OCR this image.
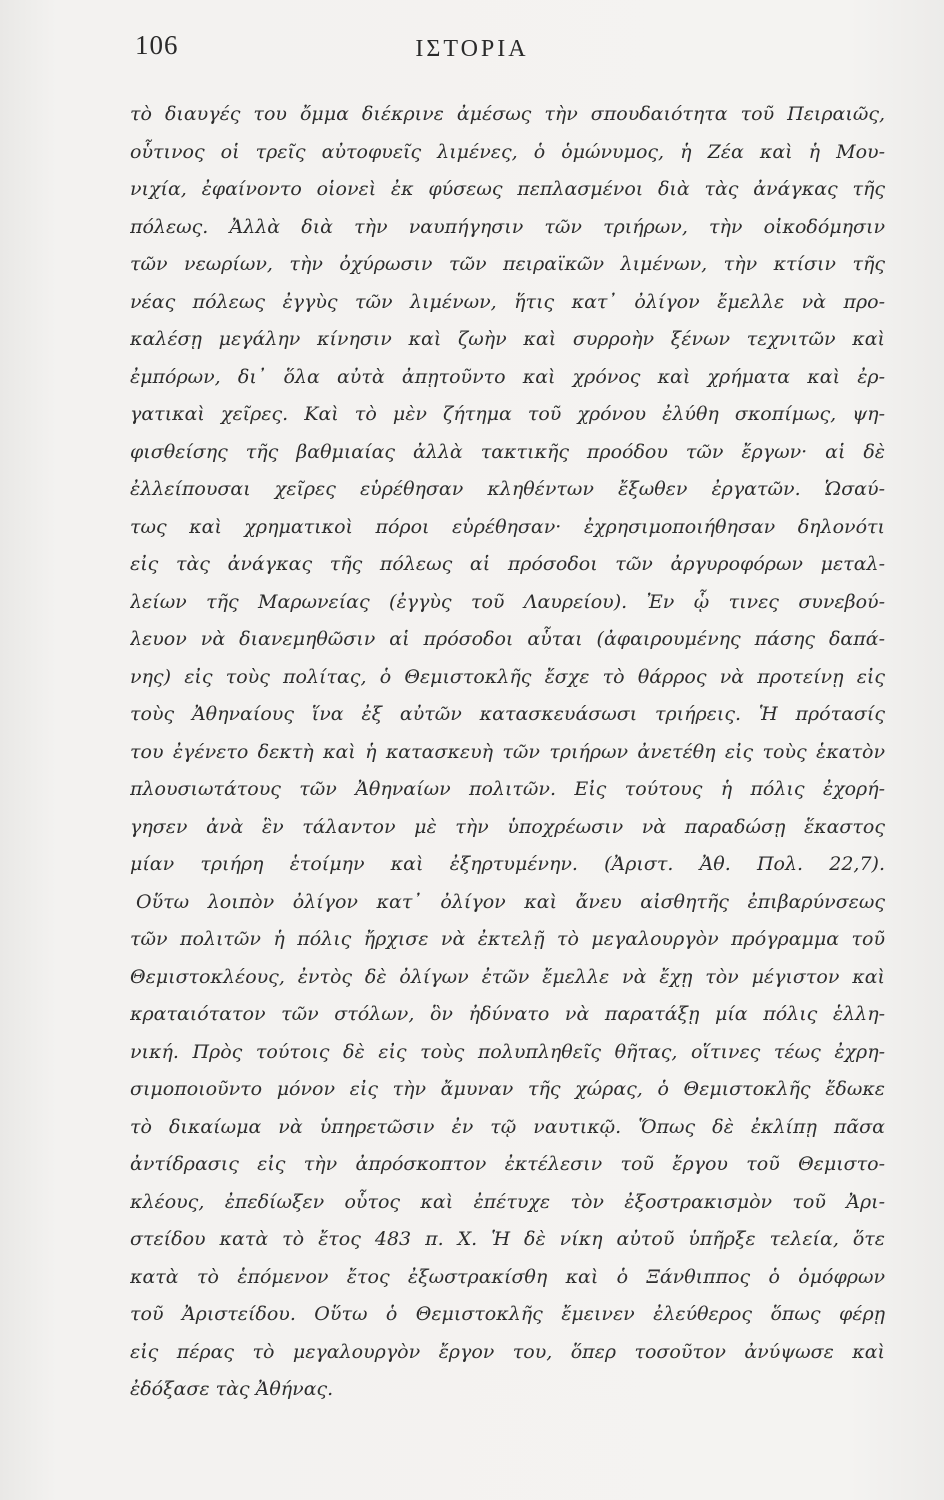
106	ΙΣΤΟΡΙΑ
τὸ διαυγές του ὄμμα διέκρινε ἀμέσως τὴν σπουδαιότητα τοῦ Πειραιῶς,
οὗτινος οἱ τρεῖς αὐτοφυεῖς λιμένες, ὁ ὁμώνυμος, ἡ Ζέα καὶ ἡ Μου-
νιχία, ἐφαίνοντο οἱονεὶ ἐκ φύσεως πεπλασμένοι διὰ τὰς ἀνάγκας τῆς
πόλεως. Ἀλλὰ διὰ τὴν ναυπήγησιν τῶν τριήρων, τὴν οἰκοδόμησιν
τῶν νεωρίων, τὴν ὀχύρωσιν τῶν πειραϊκῶν λιμένων, τὴν κτίσιν τῆς
νέας πόλεως ἐγγὺς τῶν λιμένων, ἥτις κατ᾽ ὀλίγον ἔμελλε νὰ προ-
καλέσῃ μεγάλην κίνησιν καὶ ζωὴν καὶ συρροὴν ξένων τεχνιτῶν καὶ
ἐμπόρων, δι᾽ ὅλα αὐτὰ ἀπῃτοῦντο καὶ χρόνος καὶ χρήματα καὶ ἐρ-
γατικαὶ χεῖρες. Καὶ τὸ μὲν ζήτημα τοῦ χρόνου ἐλύθη σκοπίμως, ψη-
φισθείσης τῆς βαθμιαίας ἀλλὰ τακτικῆς προόδου τῶν ἔργων· αἱ δὲ
ἐλλείπουσαι χεῖρες εὑρέθησαν κληθέντων ἔξωθεν ἐργατῶν. Ὡσαύ-
τως καὶ χρηματικοὶ πόροι εὑρέθησαν· ἐχρησιμοποιήθησαν δηλονότι
εἰς τὰς ἀνάγκας τῆς πόλεως αἱ πρόσοδοι τῶν ἀργυροφόρων μεταλ-
λείων τῆς Μαρωνείας (ἐγγὺς τοῦ Λαυρείου). Ἐν ᾧ τινες συνεβού-
λευον νὰ διανεμηθῶσιν αἱ πρόσοδοι αὗται (ἀφαιρουμένης πάσης δαπά-
νης) εἰς τοὺς πολίτας, ὁ Θεμιστοκλῆς ἔσχε τὸ θάρρος νὰ προτείνῃ εἰς
τοὺς Ἀθηναίους ἵνα ἐξ αὐτῶν κατασκευάσωσι τριήρεις. Ἡ πρότασίς
του ἐγένετο δεκτὴ καὶ ἡ κατασκευὴ τῶν τριήρων ἀνετέθη εἰς τοὺς ἑκατὸν
πλουσιωτάτους τῶν Ἀθηναίων πολιτῶν. Εἰς τούτους ἡ πόλις ἐχορή-
γησεν ἀνὰ ἓν τάλαντον μὲ τὴν ὑποχρέωσιν νὰ παραδώσῃ ἕκαστος
μίαν τριήρη ἑτοίμην καὶ ἐξηρτυμένην. (Ἀριστ. Ἀθ. Πολ. 22,7).
Οὕτω λοιπὸν ὀλίγον κατ᾽ ὀλίγον καὶ ἄνευ αἰσθητῆς ἐπιβαρύνσεως
τῶν πολιτῶν ἡ πόλις ἤρχισε νὰ ἐκτελῇ τὸ μεγαλουργὸν πρόγραμμα τοῦ
Θεμιστοκλέους, ἐντὸς δὲ ὀλίγων ἐτῶν ἔμελλε νὰ ἔχῃ τὸν μέγιστον καὶ
κραταιότατον τῶν στόλων, ὃν ἠδύνατο νὰ παρατάξῃ μία πόλις ἑλλη-
νική. Πρὸς τούτοις δὲ εἰς τοὺς πολυπληθεῖς θῆτας, οἵτινες τέως ἐχρη-
σιμοποιοῦντο μόνον εἰς τὴν ἄμυναν τῆς χώρας, ὁ Θεμιστοκλῆς ἔδωκε
τὸ δικαίωμα νὰ ὑπηρετῶσιν ἐν τῷ ναυτικῷ. Ὅπως δὲ ἐκλίπῃ πᾶσα
ἀντίδρασις εἰς τὴν ἀπρόσκοπτον ἐκτέλεσιν τοῦ ἔργου τοῦ Θεμιστο-
κλέους, ἐπεδίωξεν οὗτος καὶ ἐπέτυχε τὸν ἐξοστρακισμὸν τοῦ Ἀρι-
στείδου κατὰ τὸ ἔτος 483 π. Χ. Ἡ δὲ νίκη αὐτοῦ ὑπῆρξε τελεία, ὅτε
κατὰ τὸ ἑπόμενον ἔτος ἐξωστρακίσθη καὶ ὁ Ξάνθιππος ὁ ὁμόφρων
τοῦ Ἀριστείδου. Οὕτω ὁ Θεμιστοκλῆς ἔμεινεν ἐλεύθερος ὅπως φέρῃ
εἰς πέρας τὸ μεγαλουργὸν ἔργον του, ὅπερ τοσοῦτον ἀνύψωσε καὶ
ἐδόξασε τὰς Ἀθήνας.
